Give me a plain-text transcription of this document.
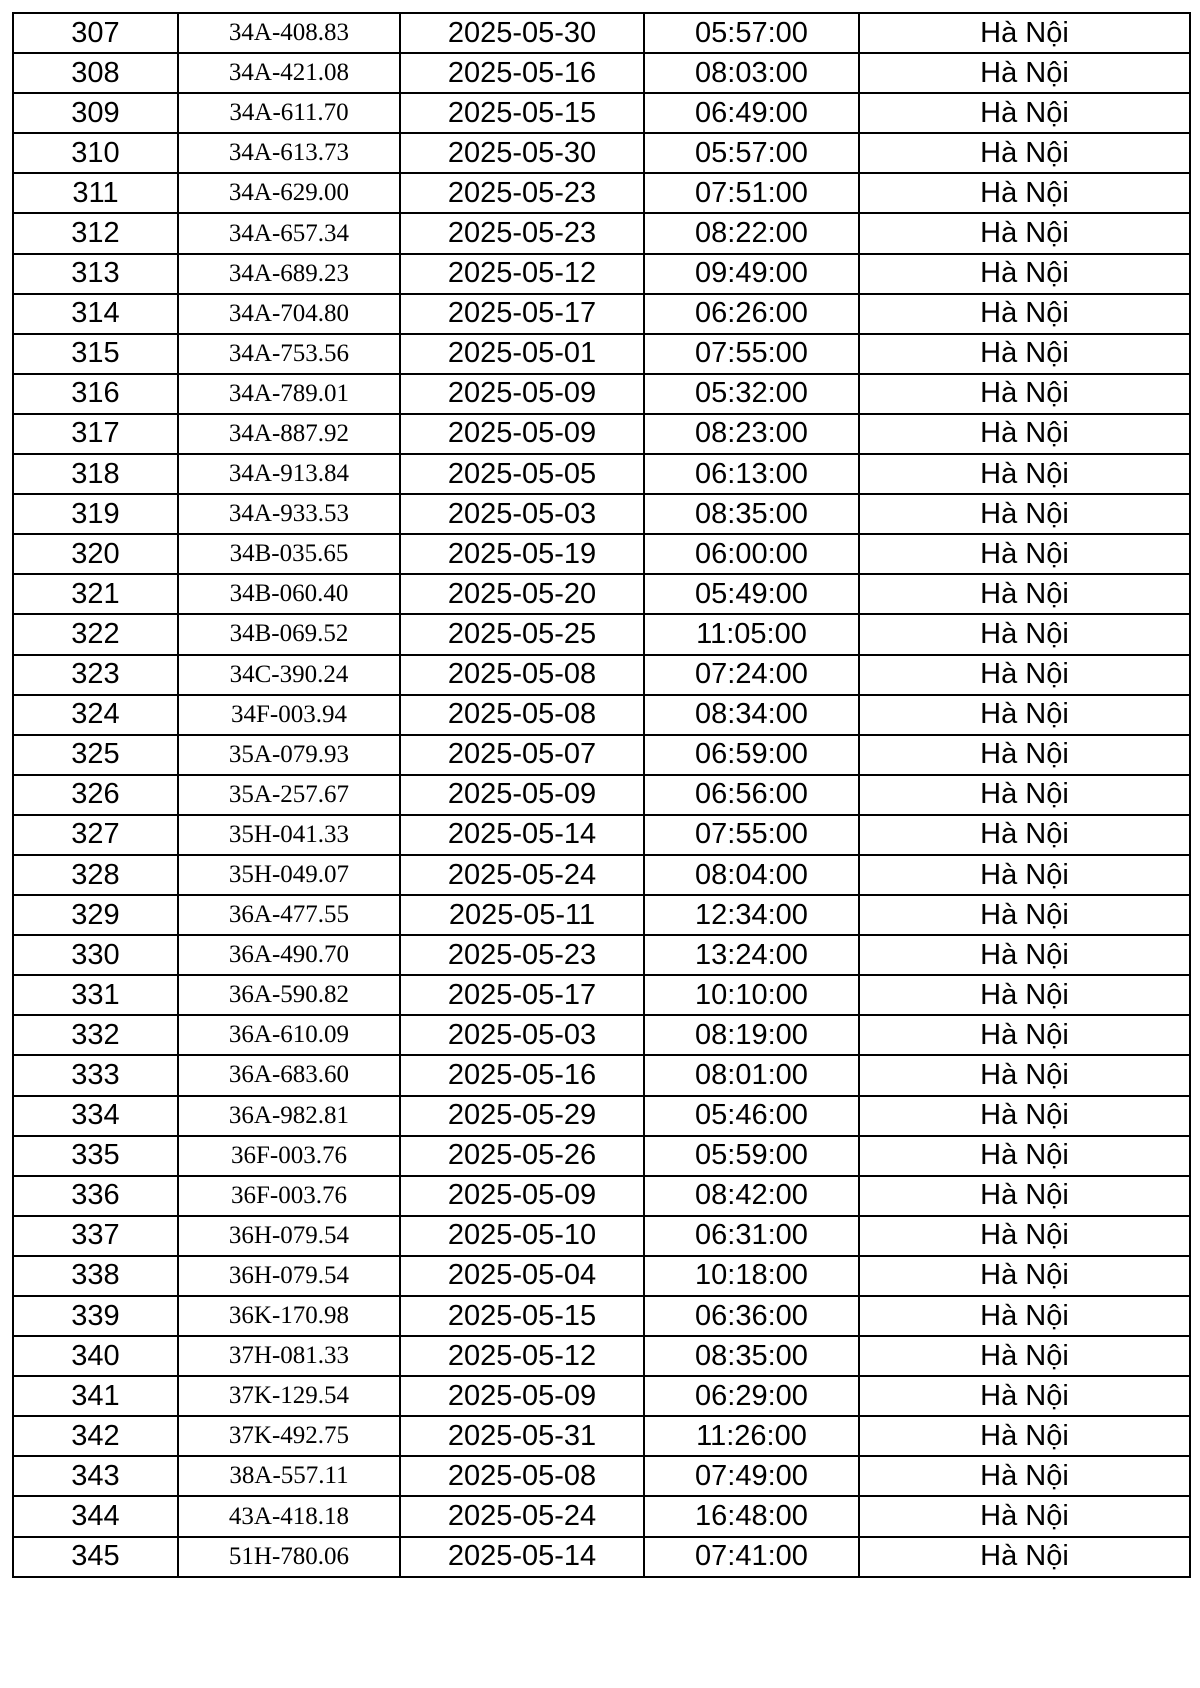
307	34A-408.83	2025-05-30	05:57:00	Hà Nội
308	34A-421.08	2025-05-16	08:03:00	Hà Nội
309	34A-611.70	2025-05-15	06:49:00	Hà Nội
310	34A-613.73	2025-05-30	05:57:00	Hà Nội
311	34A-629.00	2025-05-23	07:51:00	Hà Nội
312	34A-657.34	2025-05-23	08:22:00	Hà Nội
313	34A-689.23	2025-05-12	09:49:00	Hà Nội
314	34A-704.80	2025-05-17	06:26:00	Hà Nội
315	34A-753.56	2025-05-01	07:55:00	Hà Nội
316	34A-789.01	2025-05-09	05:32:00	Hà Nội
317	34A-887.92	2025-05-09	08:23:00	Hà Nội
318	34A-913.84	2025-05-05	06:13:00	Hà Nội
319	34A-933.53	2025-05-03	08:35:00	Hà Nội
320	34B-035.65	2025-05-19	06:00:00	Hà Nội
321	34B-060.40	2025-05-20	05:49:00	Hà Nội
322	34B-069.52	2025-05-25	11:05:00	Hà Nội
323	34C-390.24	2025-05-08	07:24:00	Hà Nội
324	34F-003.94	2025-05-08	08:34:00	Hà Nội
325	35A-079.93	2025-05-07	06:59:00	Hà Nội
326	35A-257.67	2025-05-09	06:56:00	Hà Nội
327	35H-041.33	2025-05-14	07:55:00	Hà Nội
328	35H-049.07	2025-05-24	08:04:00	Hà Nội
329	36A-477.55	2025-05-11	12:34:00	Hà Nội
330	36A-490.70	2025-05-23	13:24:00	Hà Nội
331	36A-590.82	2025-05-17	10:10:00	Hà Nội
332	36A-610.09	2025-05-03	08:19:00	Hà Nội
333	36A-683.60	2025-05-16	08:01:00	Hà Nội
334	36A-982.81	2025-05-29	05:46:00	Hà Nội
335	36F-003.76	2025-05-26	05:59:00	Hà Nội
336	36F-003.76	2025-05-09	08:42:00	Hà Nội
337	36H-079.54	2025-05-10	06:31:00	Hà Nội
338	36H-079.54	2025-05-04	10:18:00	Hà Nội
339	36K-170.98	2025-05-15	06:36:00	Hà Nội
340	37H-081.33	2025-05-12	08:35:00	Hà Nội
341	37K-129.54	2025-05-09	06:29:00	Hà Nội
342	37K-492.75	2025-05-31	11:26:00	Hà Nội
343	38A-557.11	2025-05-08	07:49:00	Hà Nội
344	43A-418.18	2025-05-24	16:48:00	Hà Nội
345	51H-780.06	2025-05-14	07:41:00	Hà Nội
